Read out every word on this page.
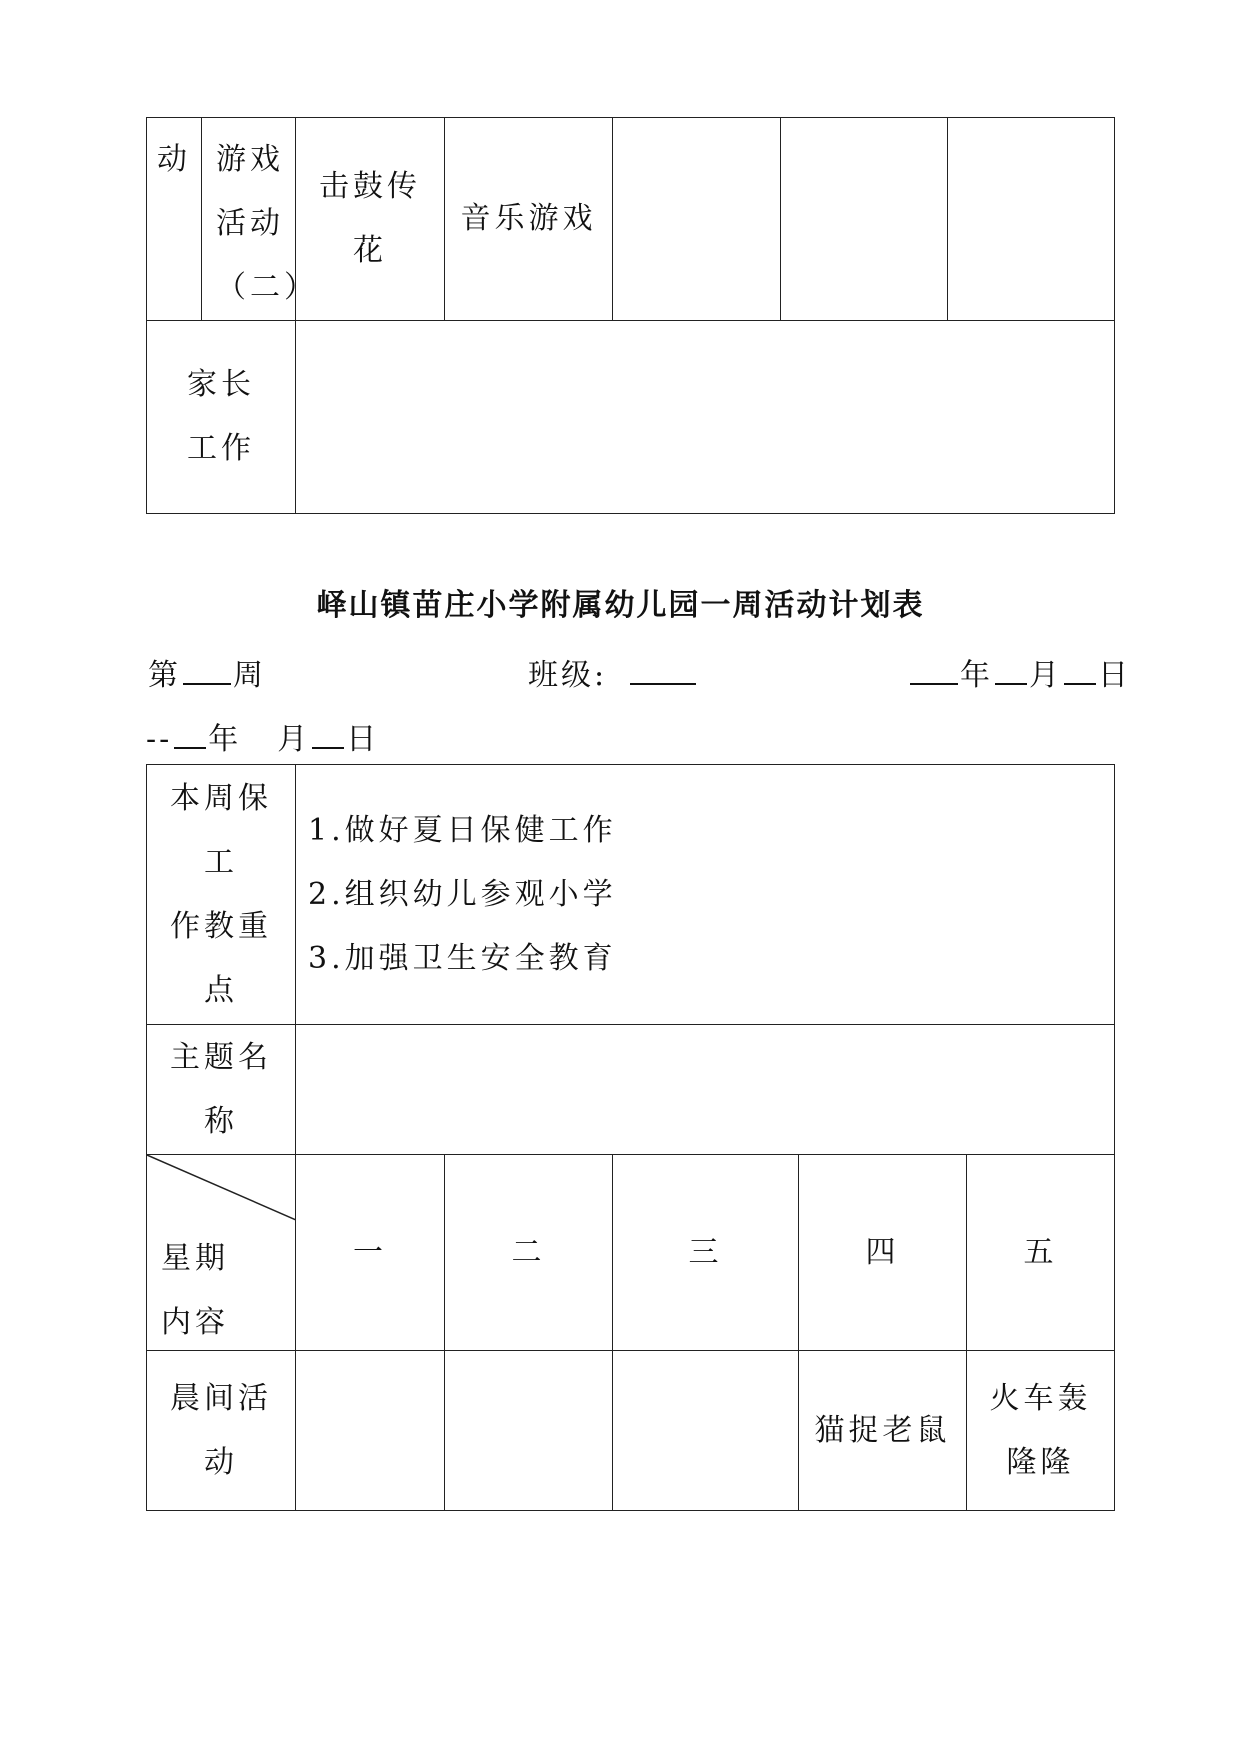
动	游戏
活动
（二）	击鼓传
花	音乐游戏			

家长
工作						

峄山镇苗庄小学附属幼儿园一周活动计划表
第 周	班级:	年 月 日
-- 年 月 日
本周保
工
作教重
点	1.做好夏日保健工作
2.组织幼儿参观小学
3.加强卫生安全教育				

主题名
称					

星期
内容	一	二	三	四	五

晨间活
动				猫捉老鼠	火车轰
隆隆
